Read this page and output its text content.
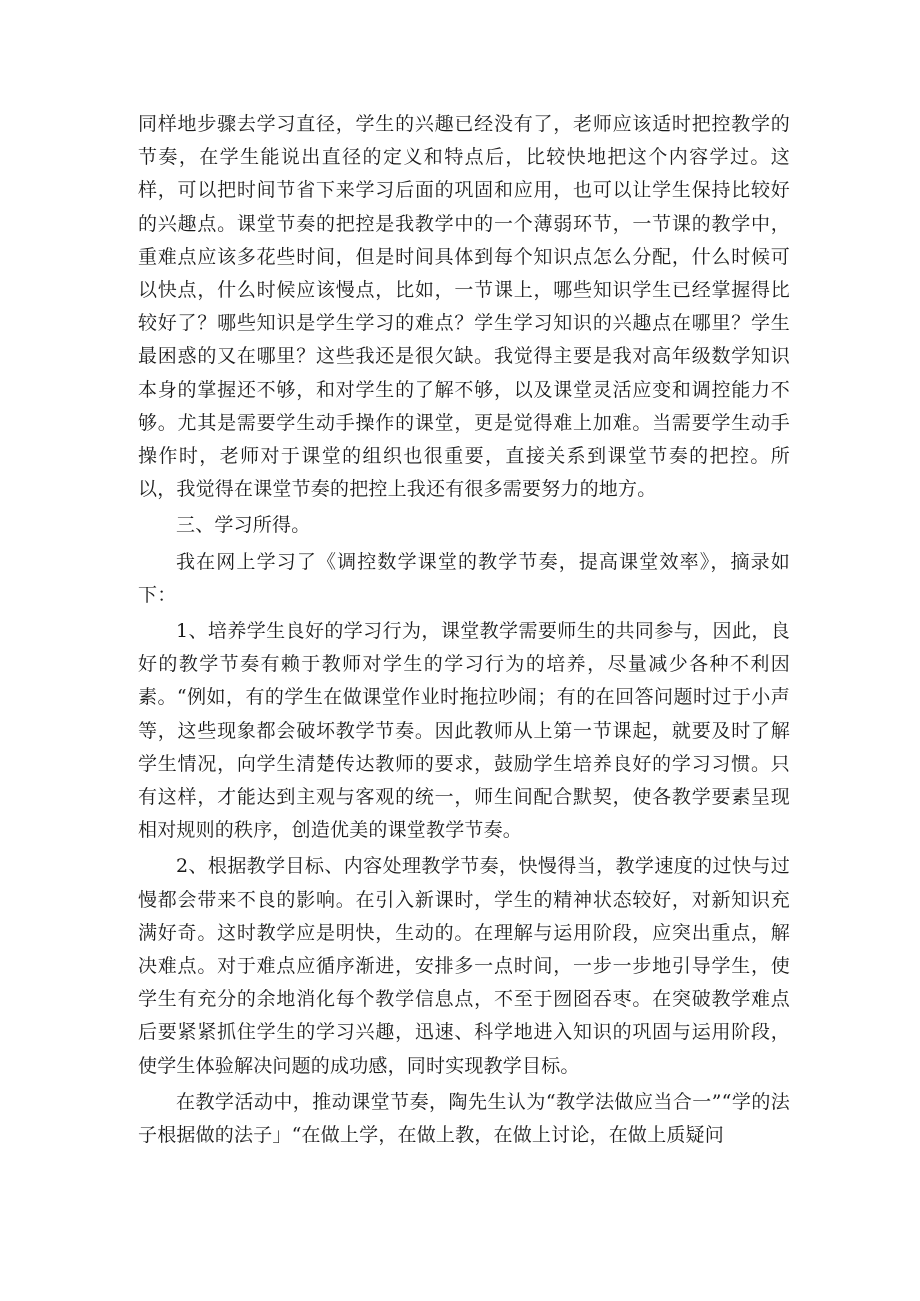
同样地步骤去学习直径，学生的兴趣已经没有了，老师应该适时把控教学的节奏，在学生能说出直径的定义和特点后，比较快地把这个内容学过。这样，可以把时间节省下来学习后面的巩固和应用，也可以让学生保持比较好的兴趣点。课堂节奏的把控是我教学中的一个薄弱环节，一节课的教学中，重难点应该多花些时间，但是时间具体到每个知识点怎么分配，什么时候可以快点，什么时候应该慢点，比如，一节课上，哪些知识学生已经掌握得比较好了？哪些知识是学生学习的难点？学生学习知识的兴趣点在哪里？学生最困惑的又在哪里？这些我还是很欠缺。我觉得主要是我对高年级数学知识本身的掌握还不够，和对学生的了解不够，以及课堂灵活应变和调控能力不够。尤其是需要学生动手操作的课堂，更是觉得难上加难。当需要学生动手操作时，老师对于课堂的组织也很重要，直接关系到课堂节奏的把控。所以，我觉得在课堂节奏的把控上我还有很多需要努力的地方。

三、学习所得。

我在网上学习了《调控数学课堂的教学节奏，提高课堂效率》，摘录如下：

1、培养学生良好的学习行为，课堂教学需要师生的共同参与，因此，良好的教学节奏有赖于教师对学生的学习行为的培养，尽量减少各种不利因素。“例如，有的学生在做课堂作业时拖拉吵闹；有的在回答问题时过于小声等，这些现象都会破坏教学节奏。因此教师从上第一节课起，就要及时了解学生情况，向学生清楚传达教师的要求，鼓励学生培养良好的学习习惯。只有这样，才能达到主观与客观的统一，师生间配合默契，使各教学要素呈现相对规则的秩序，创造优美的课堂教学节奏。

2、根据教学目标、内容处理教学节奏，快慢得当，教学速度的过快与过慢都会带来不良的影响。在引入新课时，学生的精神状态较好，对新知识充满好奇。这时教学应是明快，生动的。在理解与运用阶段，应突出重点，解决难点。对于难点应循序渐进，安排多一点时间，一步一步地引导学生，使学生有充分的余地消化每个教学信息点，不至于囫囵吞枣。在突破教学难点后要紧紧抓住学生的学习兴趣，迅速、科学地进入知识的巩固与运用阶段，使学生体验解决问题的成功感，同时实现教学目标。

在教学活动中，推动课堂节奏，陶先生认为“教学法做应当合一”“学的法子根据做的法子」“在做上学，在做上教，在做上讨论，在做上质疑问
